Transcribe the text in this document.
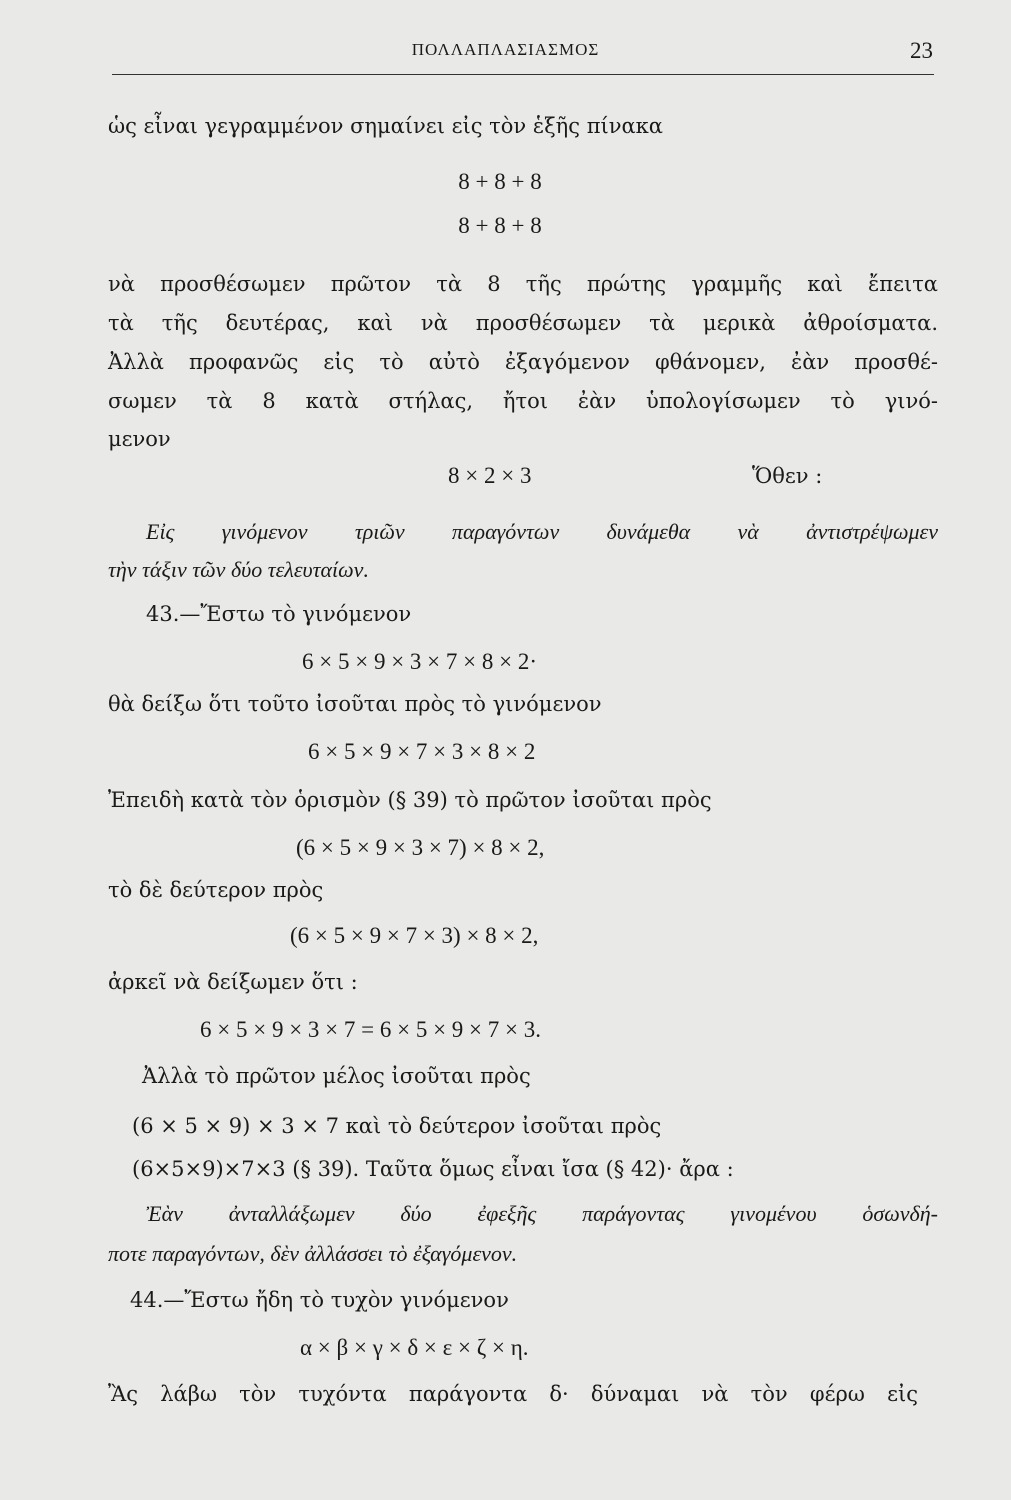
ΠΟΛΛΑΠΛΑΣΙΑΣΜΟΣ	23
ὡς εἶναι γεγραμμένον σημαίνει εἰς τὸν ἑξῆς πίνακα
8 + 8 + 8
8 + 8 + 8
νὰ προσθέσωμεν πρῶτον τὰ 8 τῆς πρώτης γραμμῆς καὶ ἔπειτα
τὰ τῆς δευτέρας, καὶ νὰ προσθέσωμεν τὰ μερικὰ ἀθροίσματα.
Ἀλλὰ προφανῶς εἰς τὸ αὐτὸ ἐξαγόμενον φθάνομεν, ἐὰν προσθέ-
σωμεν τὰ 8 κατὰ στήλας, ἤτοι ἐὰν ὑπολογίσωμεν τὸ γινό-
μενον
8 × 2 × 3	Ὅθεν :
Εἰς γινόμενον τριῶν παραγόντων δυνάμεθα νὰ ἀντιστρέψωμεν
τὴν τάξιν τῶν δύο τελευταίων.
43.—Ἔστω τὸ γινόμενον
6 × 5 × 9 × 3 × 7 × 8 × 2·
θὰ δείξω ὅτι τοῦτο ἰσοῦται πρὸς τὸ γινόμενον
6 × 5 × 9 × 7 × 3 × 8 × 2
Ἐπειδὴ κατὰ τὸν ὁρισμὸν (§ 39) τὸ πρῶτον ἰσοῦται πρὸς
(6 × 5 × 9 × 3 × 7) × 8 × 2,
τὸ δὲ δεύτερον πρὸς
(6 × 5 × 9 × 7 × 3) × 8 × 2,
ἀρκεῖ νὰ δείξωμεν ὅτι :
6 × 5 × 9 × 3 × 7 = 6 × 5 × 9 × 7 × 3.
Ἀλλὰ τὸ πρῶτον μέλος ἰσοῦται πρὸς
(6 × 5 × 9) × 3 × 7 καὶ τὸ δεύτερον ἰσοῦται πρὸς
(6×5×9)×7×3 (§ 39). Ταῦτα ὅμως εἶναι ἴσα (§ 42)· ἄρα :
Ἐὰν ἀνταλλάξωμεν δύο ἐφεξῆς παράγοντας γινομένου ὁσωνδή-
ποτε παραγόντων, δὲν ἀλλάσσει τὸ ἐξαγόμενον.
44.—Ἔστω ἤδη τὸ τυχὸν γινόμενον
α × β × γ × δ × ε × ζ × η.
Ἂς λάβω τὸν τυχόντα παράγοντα δ· δύναμαι νὰ τὸν φέρω εἰς
